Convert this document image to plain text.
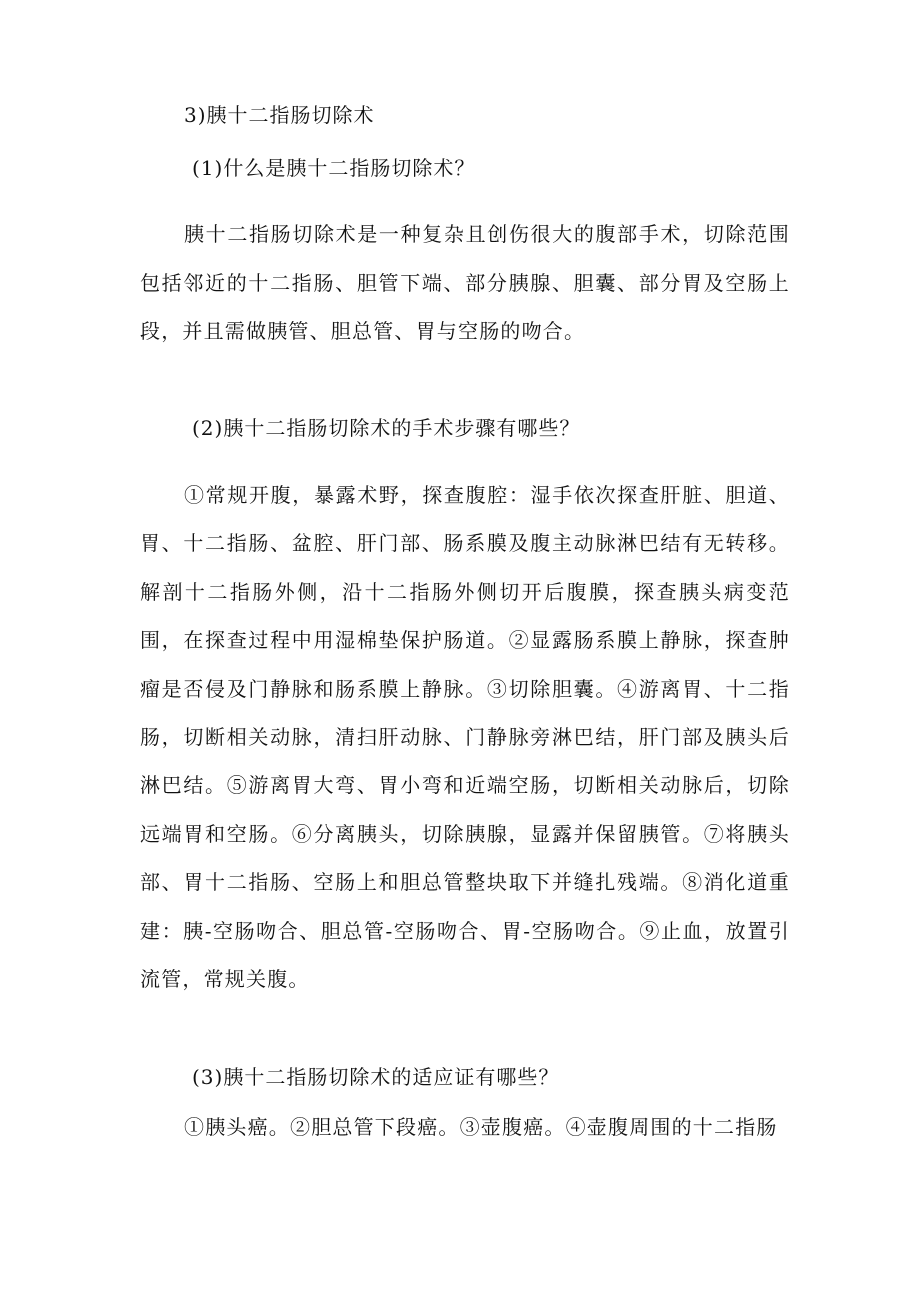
3)胰十二指肠切除术
(1)什么是胰十二指肠切除术？
胰十二指肠切除术是一种复杂且创伤很大的腹部手术，切除范围包括邻近的十二指肠、胆管下端、部分胰腺、胆囊、部分胃及空肠上段，并且需做胰管、胆总管、胃与空肠的吻合。
(2)胰十二指肠切除术的手术步骤有哪些？
①常规开腹，暴露术野，探查腹腔：湿手依次探查肝脏、胆道、胃、十二指肠、盆腔、肝门部、肠系膜及腹主动脉淋巴结有无转移。解剖十二指肠外侧，沿十二指肠外侧切开后腹膜，探查胰头病变范围，在探查过程中用湿棉垫保护肠道。②显露肠系膜上静脉，探查肿瘤是否侵及门静脉和肠系膜上静脉。③切除胆囊。④游离胃、十二指肠，切断相关动脉，清扫肝动脉、门静脉旁淋巴结，肝门部及胰头后淋巴结。⑤游离胃大弯、胃小弯和近端空肠，切断相关动脉后，切除远端胃和空肠。⑥分离胰头，切除胰腺，显露并保留胰管。⑦将胰头部、胃十二指肠、空肠上和胆总管整块取下并缝扎残端。⑧消化道重建：胰-空肠吻合、胆总管-空肠吻合、胃-空肠吻合。⑨止血，放置引流管，常规关腹。
(3)胰十二指肠切除术的适应证有哪些？
①胰头癌。②胆总管下段癌。③壶腹癌。④壶腹周围的十二指肠
